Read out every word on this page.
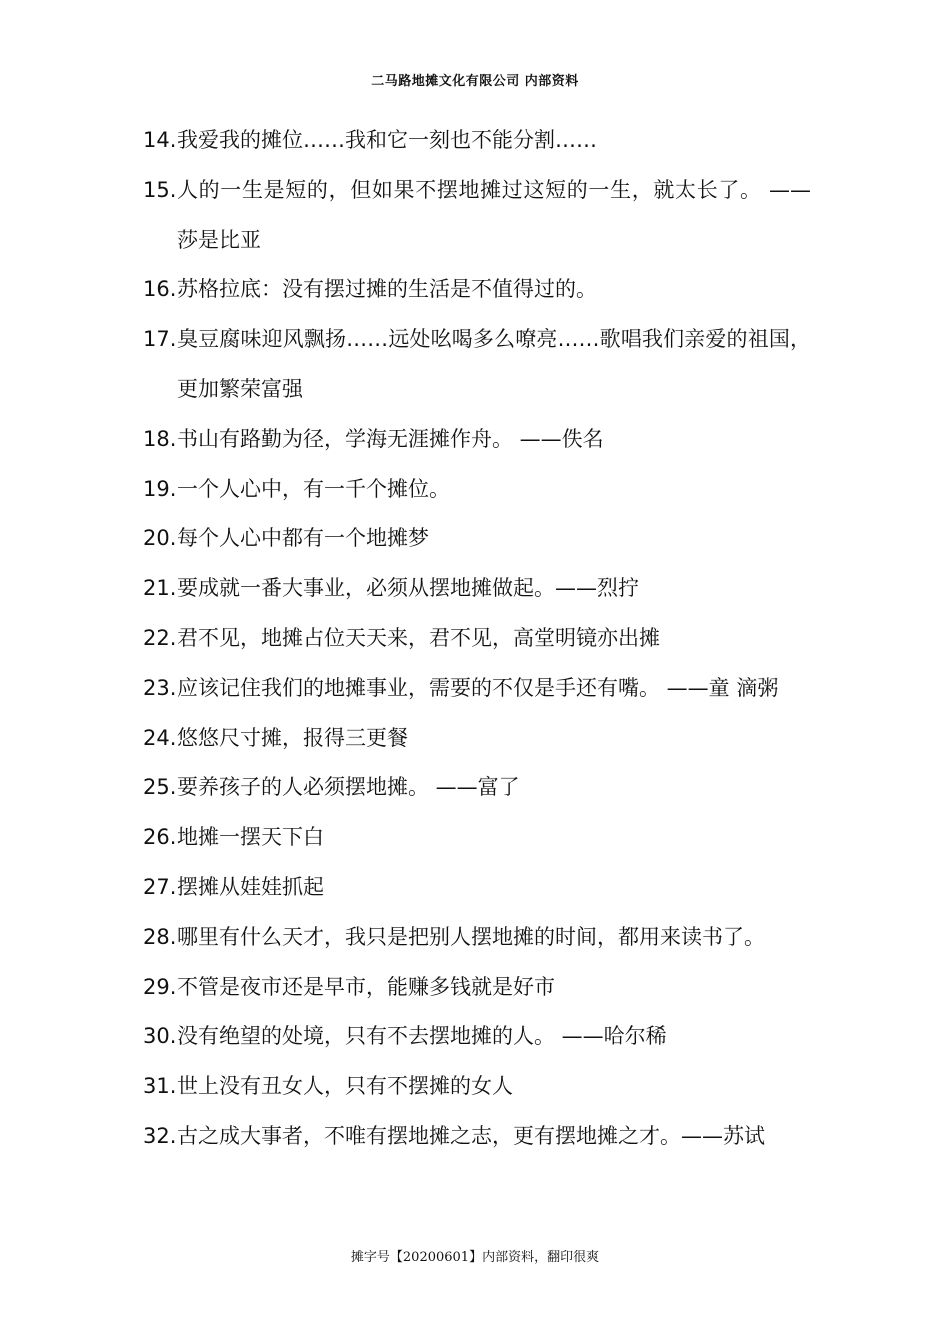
二马路地摊文化有限公司 内部资料
14. 我爱我的摊位……我和它一刻也不能分割……
15. 人的一生是短的，但如果不摆地摊过这短的一生，就太长了。 ——莎是比亚
16. 苏格拉底：没有摆过摊的生活是不值得过的。
17. 臭豆腐味迎风飘扬……远处吆喝多么嘹亮……歌唱我们亲爱的祖国，更加繁荣富强
18. 书山有路勤为径，学海无涯摊作舟。 ——佚名
19. 一个人心中，有一千个摊位。
20. 每个人心中都有一个地摊梦
21. 要成就一番大事业，必须从摆地摊做起。——烈拧
22. 君不见，地摊占位天天来，君不见，高堂明镜亦出摊
23. 应该记住我们的地摊事业，需要的不仅是手还有嘴。 ——童 滴粥
24. 悠悠尺寸摊，报得三更餐
25. 要养孩子的人必须摆地摊。 ——富了
26. 地摊一摆天下白
27. 摆摊从娃娃抓起
28. 哪里有什么天才，我只是把别人摆地摊的时间，都用来读书了。
29. 不管是夜市还是早市，能赚多钱就是好市
30. 没有绝望的处境，只有不去摆地摊的人。 ——哈尔稀
31. 世上没有丑女人，只有不摆摊的女人
32. 古之成大事者，不唯有摆地摊之志，更有摆地摊之才。——苏试
摊字号【20200601】内部资料，翻印很爽
